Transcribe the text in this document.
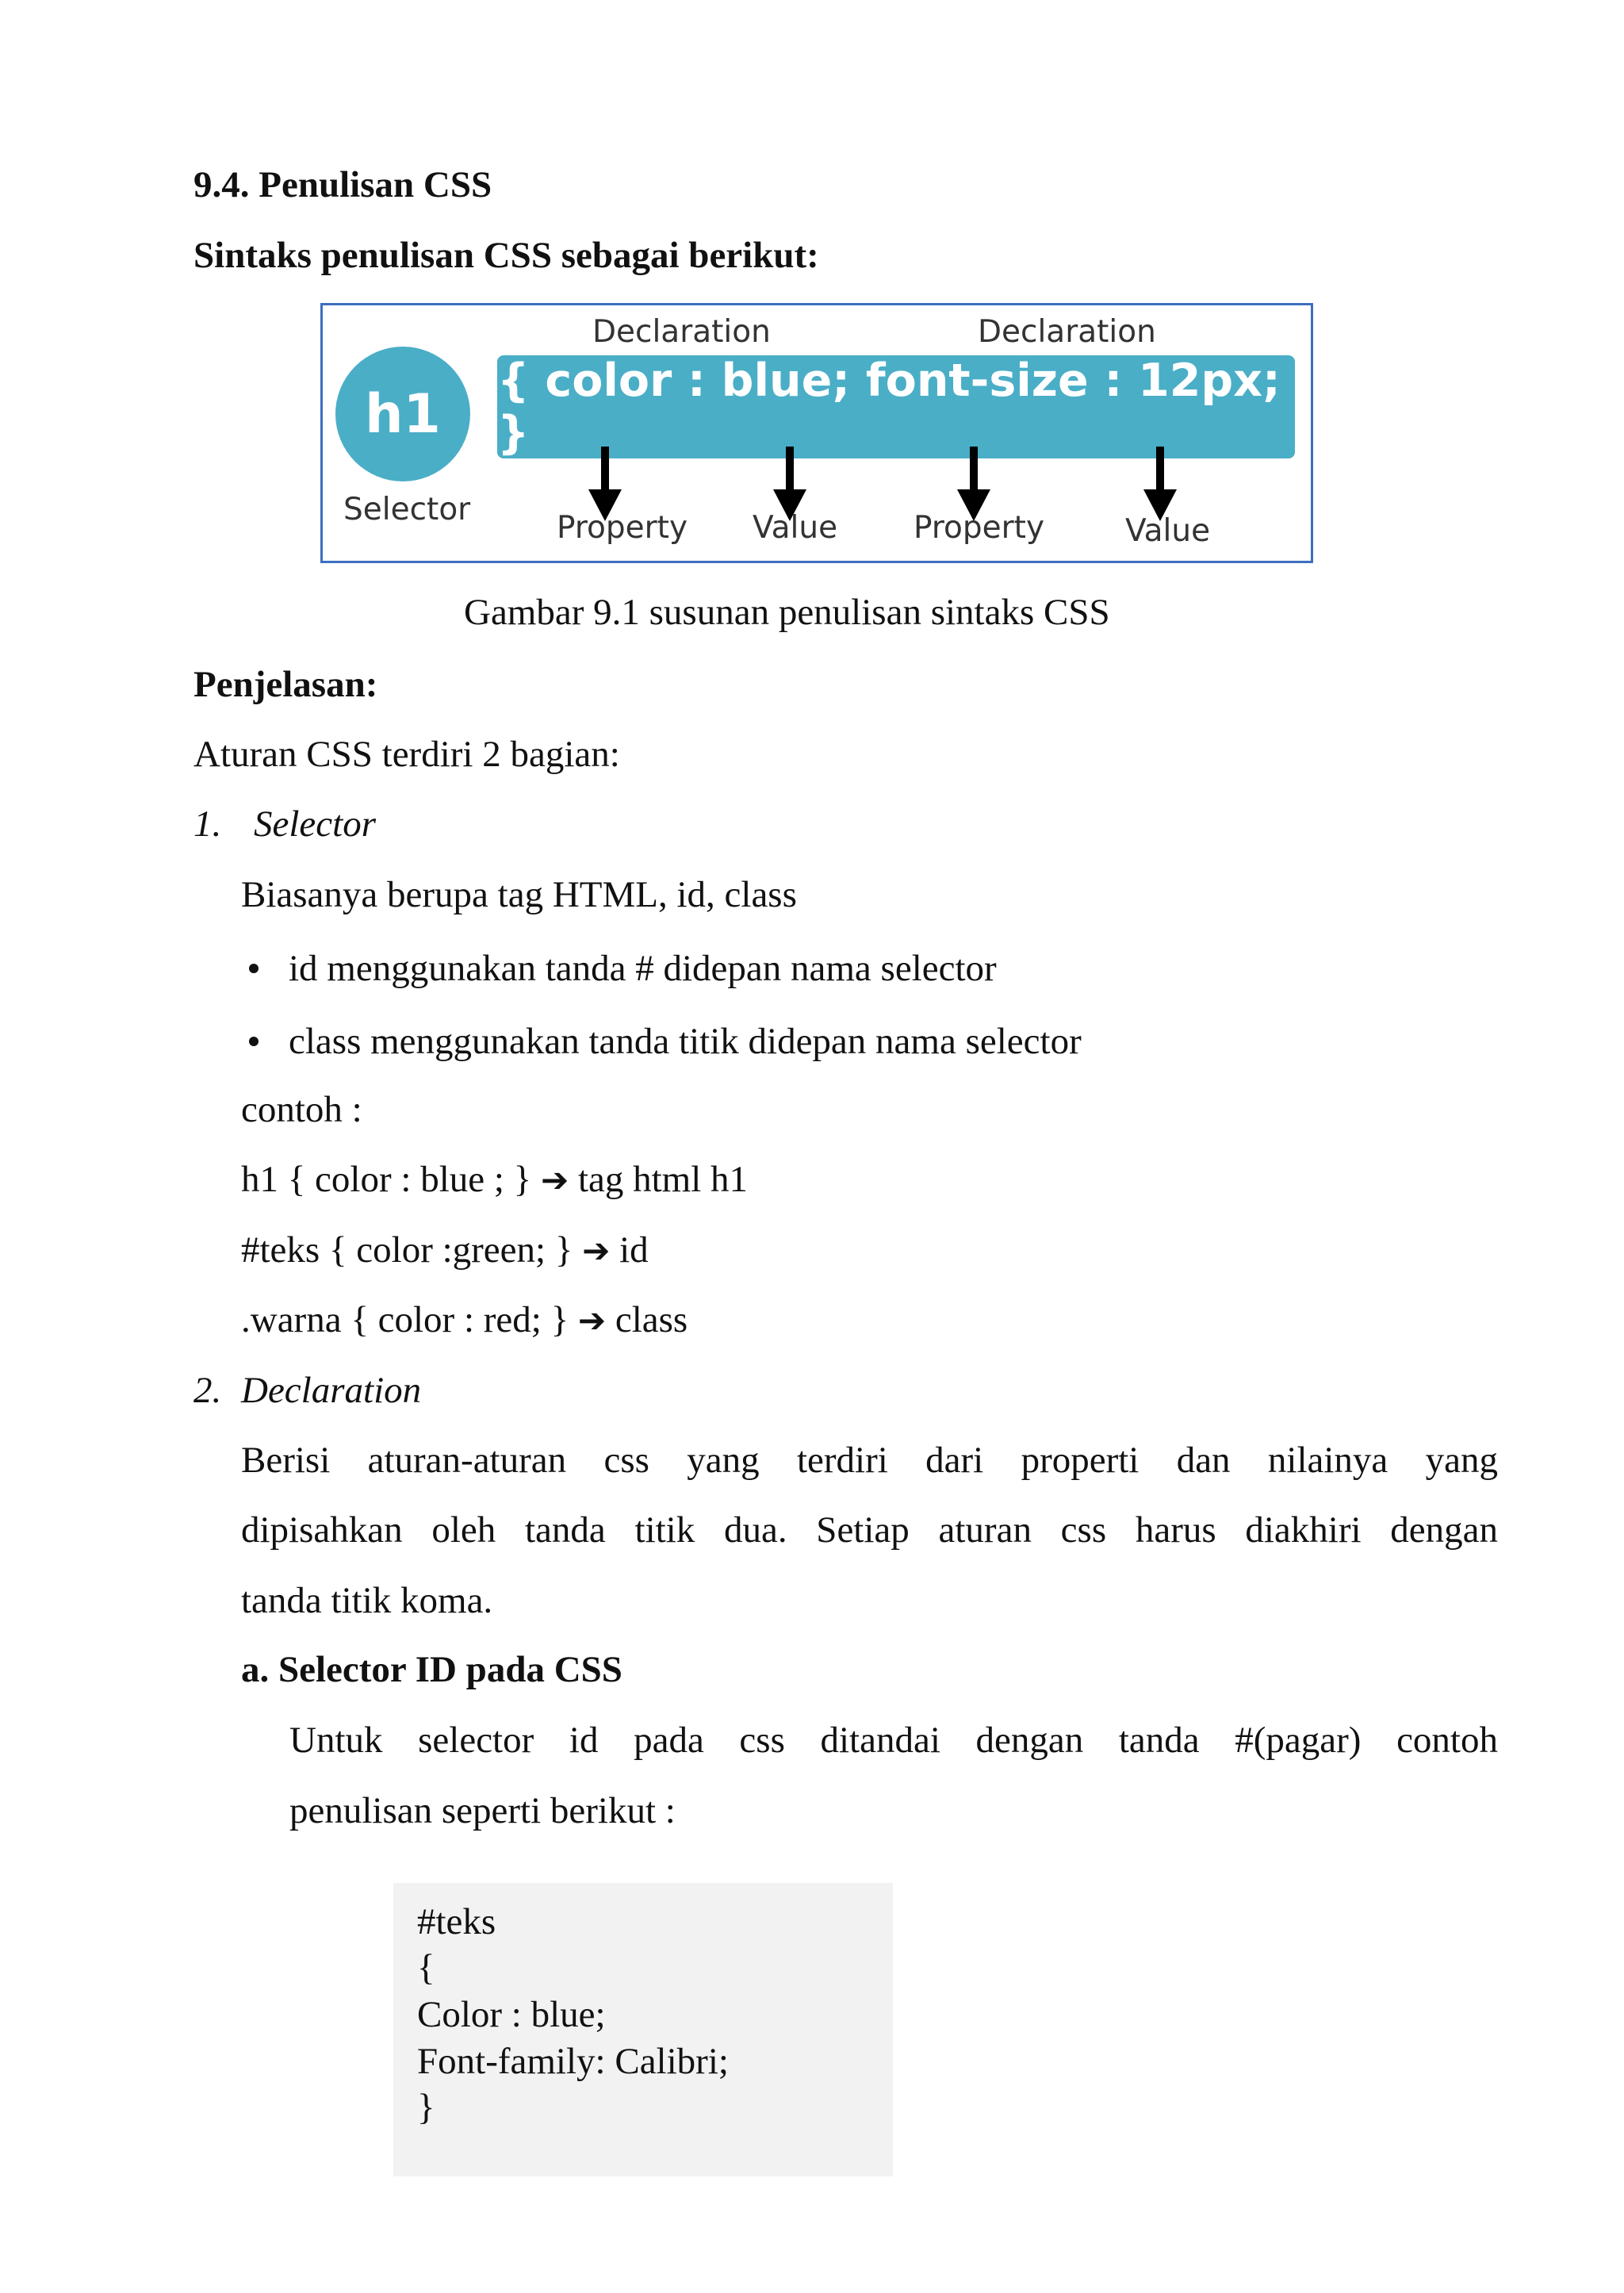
9.4. Penulisan CSS

Sintaks penulisan CSS sebagai berikut:

h1
Selector
Declaration	Declaration
{ color : blue; font-size : 12px; }
Property Value Property	Value

Gambar 9.1 susunan penulisan sintaks CSS

Penjelasan:

Aturan CSS terdiri 2 bagian:

1. Selector

Biasanya berupa tag HTML, id, class

id menggunakan tanda # didepan nama selector

class menggunakan tanda titik didepan nama selector

contoh :

h1 { color : blue ; } ➔ tag html h1

#teks { color :green; } ➔ id

.warna { color : red; } ➔ class

2. Declaration

Berisi aturan-aturan css yang terdiri dari properti dan nilainya yang

dipisahkan oleh tanda titik dua. Setiap aturan css harus diakhiri dengan

tanda titik koma.

a. Selector ID pada CSS

Untuk selector id pada css ditandai dengan tanda #(pagar) contoh

penulisan seperti berikut :

#teks
{
Color : blue;
Font-family: Calibri;
}
